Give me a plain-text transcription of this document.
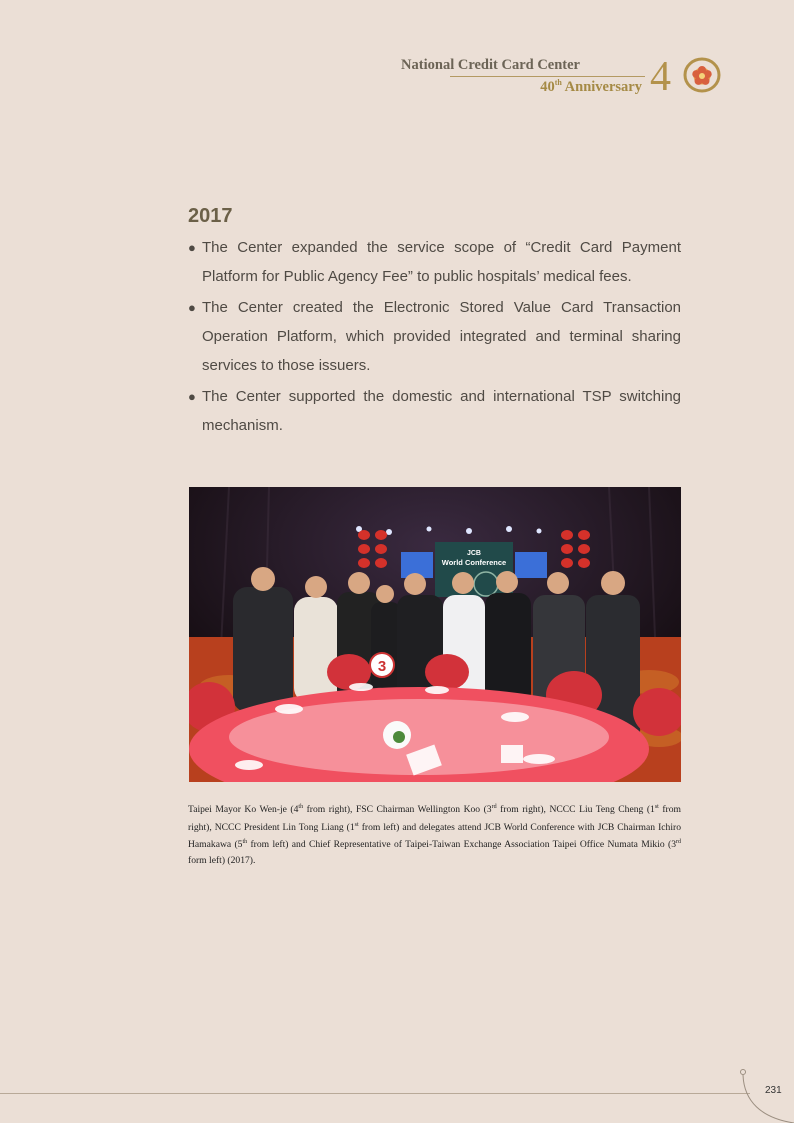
National Credit Card Center
40th Anniversary 4
2017
● The Center expanded the service scope of “Credit Card Payment Platform for Public Agency Fee” to public hospitals’ medical fees.
● The Center created the Electronic Stored Value Card Transaction Operation Platform, which provided integrated and terminal sharing services to those issuers.
● The Center supported the domestic and international TSP switching mechanism.
JCB
World Conference
3
Taipei Mayor Ko Wen-je (4th from right), FSC Chairman Wellington Koo (3rd from right), NCCC Liu Teng Cheng (1st from right), NCCC President Lin Tong Liang (1st from left) and delegates attend JCB World Conference with JCB Chairman Ichiro Hamakawa (5th from left) and Chief Representative of Taipei-Taiwan Exchange Association Taipei Office Numata Mikio (3rd form left) (2017).
231
